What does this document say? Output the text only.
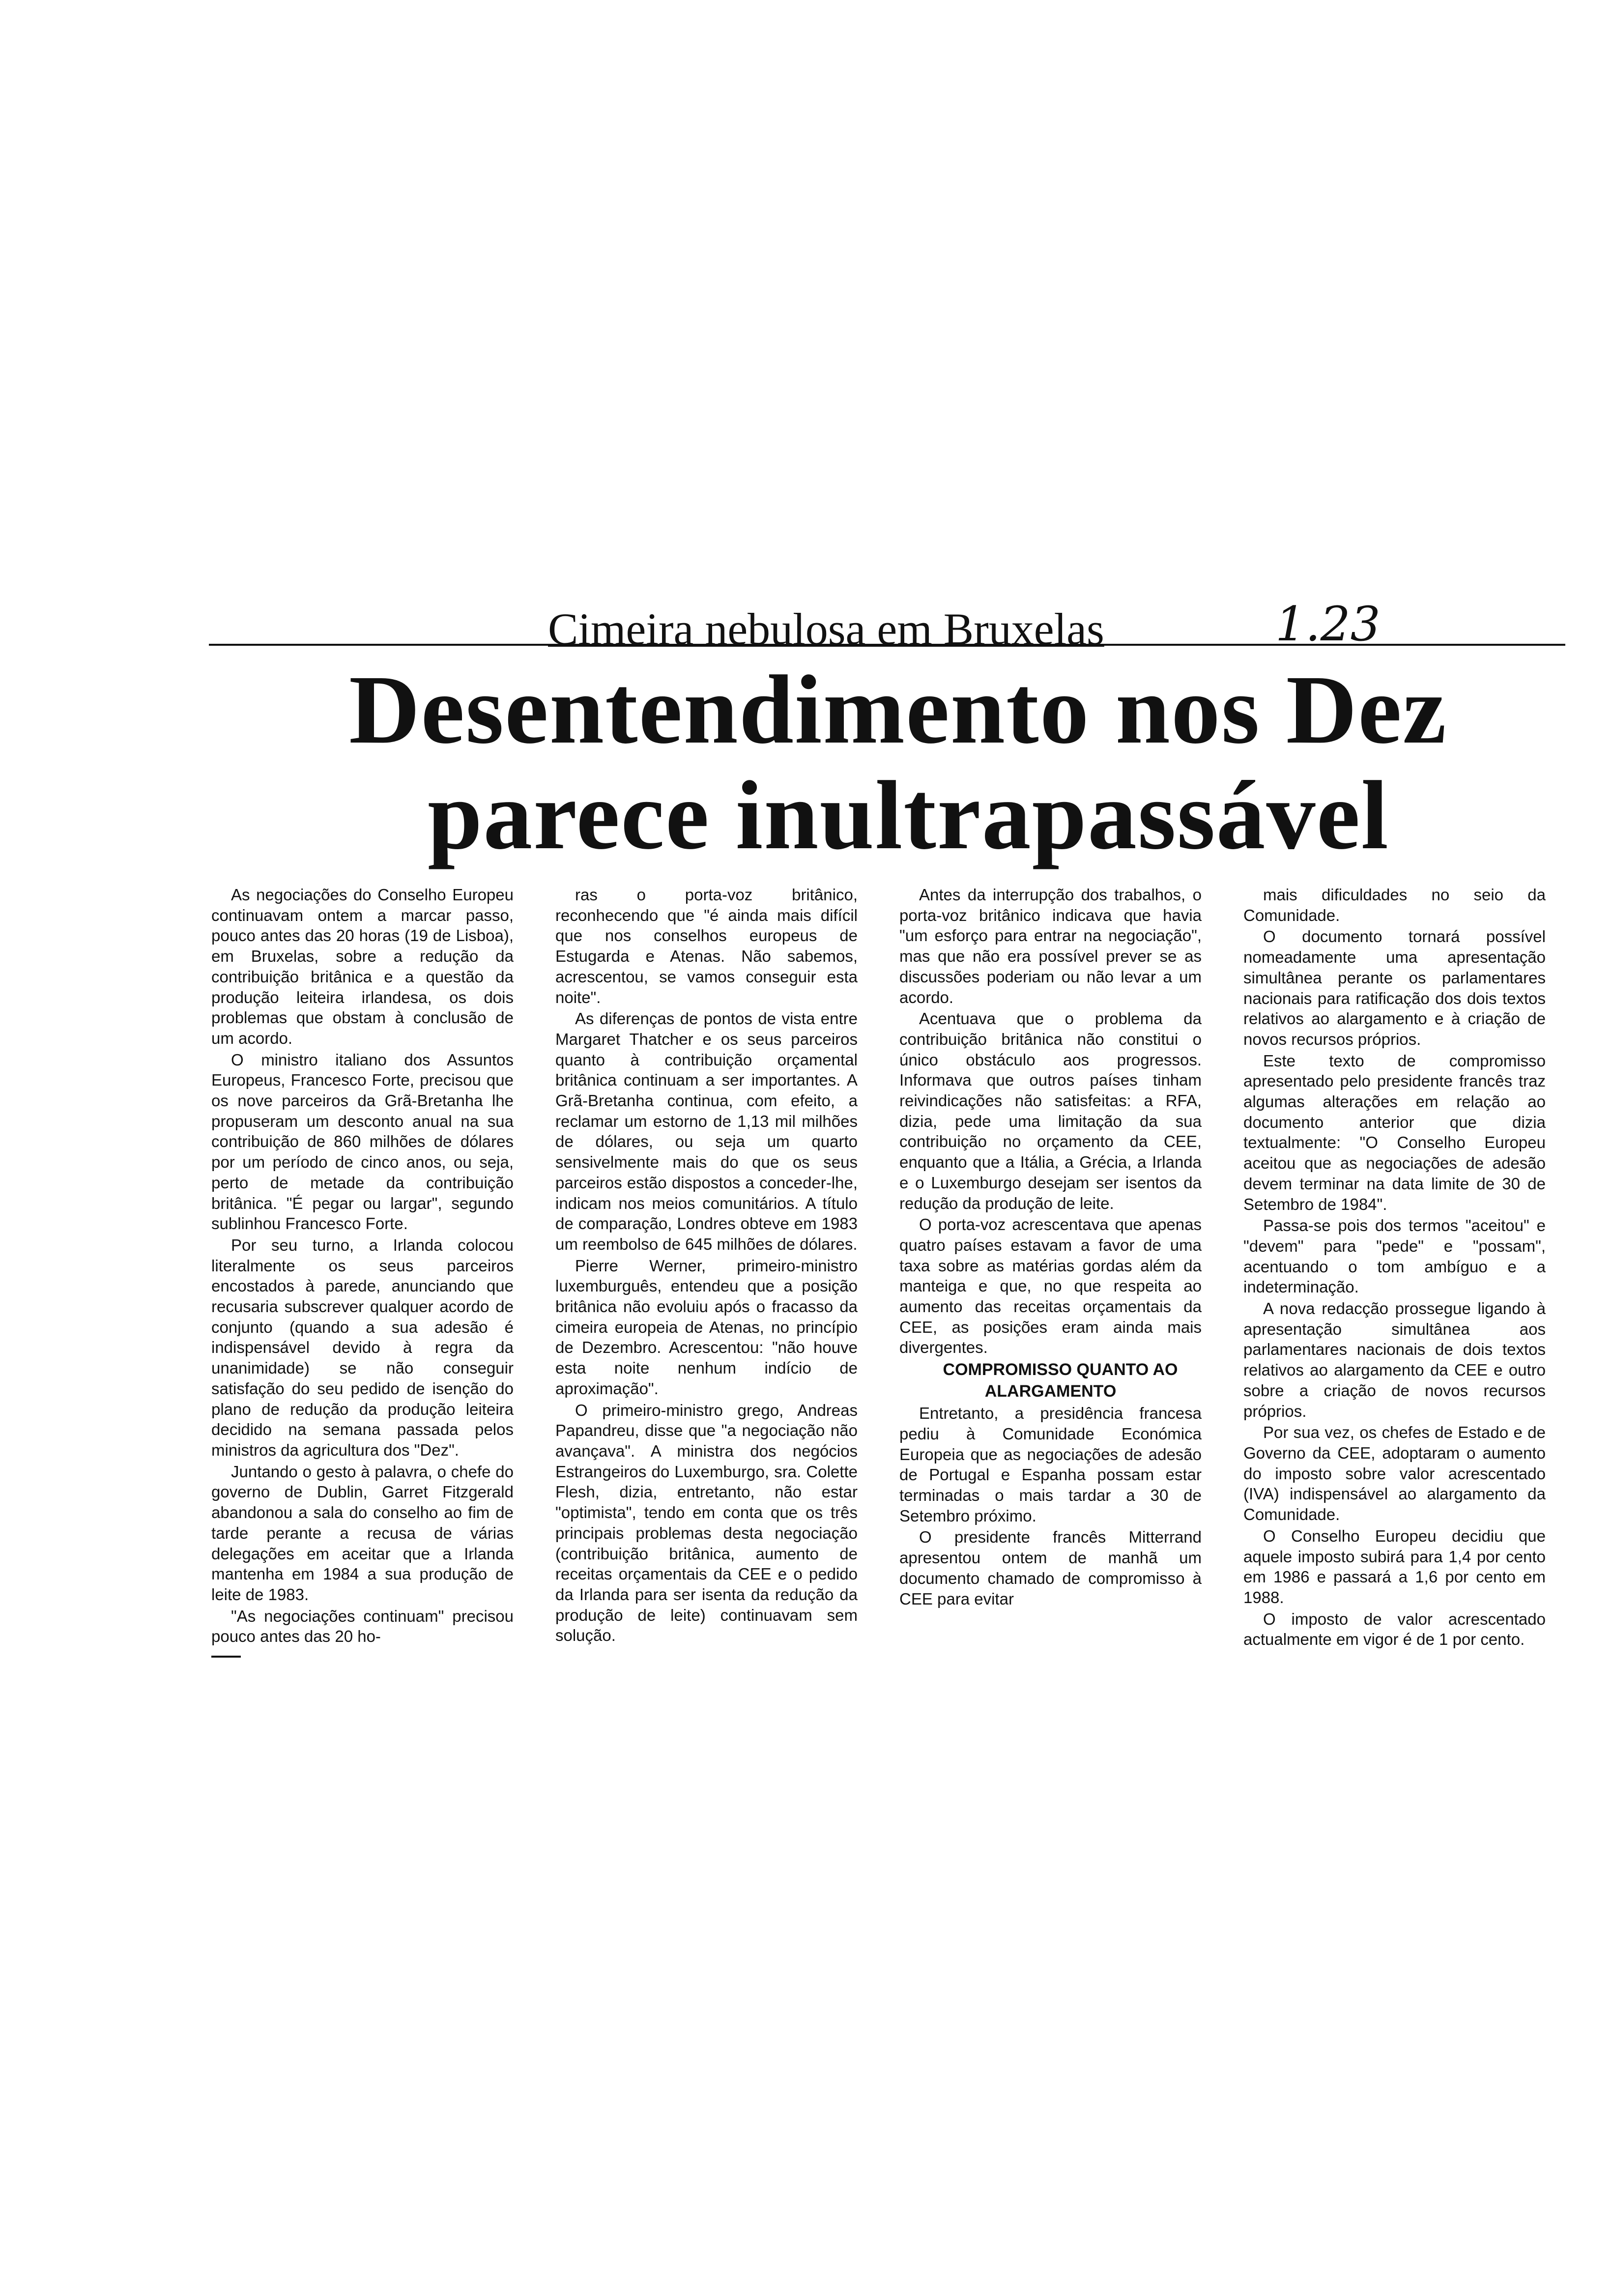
Cimeira nebulosa em Bruxelas	1.23
Desentendimento nos Dez
parece inultrapassável

As negociações do Conselho Europeu continuavam ontem a marcar passo, pouco antes das 20 horas (19 de Lisboa), em Bruxelas, sobre a redução da contribuição britânica e a questão da produção leiteira irlandesa, os dois problemas que obstam à conclusão de um acordo.

O ministro italiano dos Assuntos Europeus, Francesco Forte, precisou que os nove parceiros da Grã-Bretanha lhe propuseram um desconto anual na sua contribuição de 860 milhões de dólares por um período de cinco anos, ou seja, perto de metade da contribuição britânica. "É pegar ou largar", segundo sublinhou Francesco Forte.

Por seu turno, a Irlanda colocou literalmente os seus parceiros encostados à parede, anunciando que recusaria subscrever qualquer acordo de conjunto (quando a sua adesão é indispensável devido à regra da unanimidade) se não conseguir satisfação do seu pedido de isenção do plano de redução da produção leiteira decidido na semana passada pelos ministros da agricultura dos "Dez".

Juntando o gesto à palavra, o chefe do governo de Dublin, Garret Fitzgerald abandonou a sala do conselho ao fim de tarde perante a recusa de várias delegações em aceitar que a Irlanda mantenha em 1984 a sua produção de leite de 1983.

"As negociações continuam" precisou pouco antes das 20 ho-

ras o porta-voz britânico, reconhecendo que "é ainda mais difícil que nos conselhos europeus de Estugarda e Atenas. Não sabemos, acrescentou, se vamos conseguir esta noite".

As diferenças de pontos de vista entre Margaret Thatcher e os seus parceiros quanto à contribuição orçamental britânica continuam a ser importantes. A Grã-Bretanha continua, com efeito, a reclamar um estorno de 1,13 mil milhões de dólares, ou seja um quarto sensivelmente mais do que os seus parceiros estão dispostos a conceder-lhe, indicam nos meios comunitários. A título de comparação, Londres obteve em 1983 um reembolso de 645 milhões de dólares.

Pierre Werner, primeiro-ministro luxemburguês, entendeu que a posição britânica não evoluiu após o fracasso da cimeira europeia de Atenas, no princípio de Dezembro. Acrescentou: "não houve esta noite nenhum indício de aproximação".

O primeiro-ministro grego, Andreas Papandreu, disse que "a negociação não avançava". A ministra dos negócios Estrangeiros do Luxemburgo, sra. Colette Flesh, dizia, entretanto, não estar "optimista", tendo em conta que os três principais problemas desta negociação (contribuição britânica, aumento de receitas orçamentais da CEE e o pedido da Irlanda para ser isenta da redução da produção de leite) continuavam sem solução.

Antes da interrupção dos trabalhos, o porta-voz britânico indicava que havia "um esforço para entrar na negociação", mas que não era possível prever se as discussões poderiam ou não levar a um acordo.

Acentuava que o problema da contribuição britânica não constitui o único obstáculo aos progressos. Informava que outros países tinham reivindicações não satisfeitas: a RFA, dizia, pede uma limitação da sua contribuição no orçamento da CEE, enquanto que a Itália, a Grécia, a Irlanda e o Luxemburgo desejam ser isentos da redução da produção de leite.

O porta-voz acrescentava que apenas quatro países estavam a favor de uma taxa sobre as matérias gordas além da manteiga e que, no que respeita ao aumento das receitas orçamentais da CEE, as posições eram ainda mais divergentes.

COMPROMISSO QUANTO AO ALARGAMENTO

Entretanto, a presidência francesa pediu à Comunidade Económica Europeia que as negociações de adesão de Portugal e Espanha possam estar terminadas o mais tardar a 30 de Setembro próximo.

O presidente francês Mitterrand apresentou ontem de manhã um documento chamado de compromisso à CEE para evitar

mais dificuldades no seio da Comunidade.

O documento tornará possível nomeadamente uma apresentação simultânea perante os parlamentares nacionais para ratificação dos dois textos relativos ao alargamento e à criação de novos recursos próprios.

Este texto de compromisso apresentado pelo presidente francês traz algumas alterações em relação ao documento anterior que dizia textualmente: "O Conselho Europeu aceitou que as negociações de adesão devem terminar na data limite de 30 de Setembro de 1984".

Passa-se pois dos termos "aceitou" e "devem" para "pede" e "possam", acentuando o tom ambíguo e a indeterminação.

A nova redacção prossegue ligando à apresentação simultânea aos parlamentares nacionais de dois textos relativos ao alargamento da CEE e outro sobre a criação de novos recursos próprios.

Por sua vez, os chefes de Estado e de Governo da CEE, adoptaram o aumento do imposto sobre valor acrescentado (IVA) indispensável ao alargamento da Comunidade.

O Conselho Europeu decidiu que aquele imposto subirá para 1,4 por cento em 1986 e passará a 1,6 por cento em 1988.

O imposto de valor acrescentado actualmente em vigor é de 1 por cento.
